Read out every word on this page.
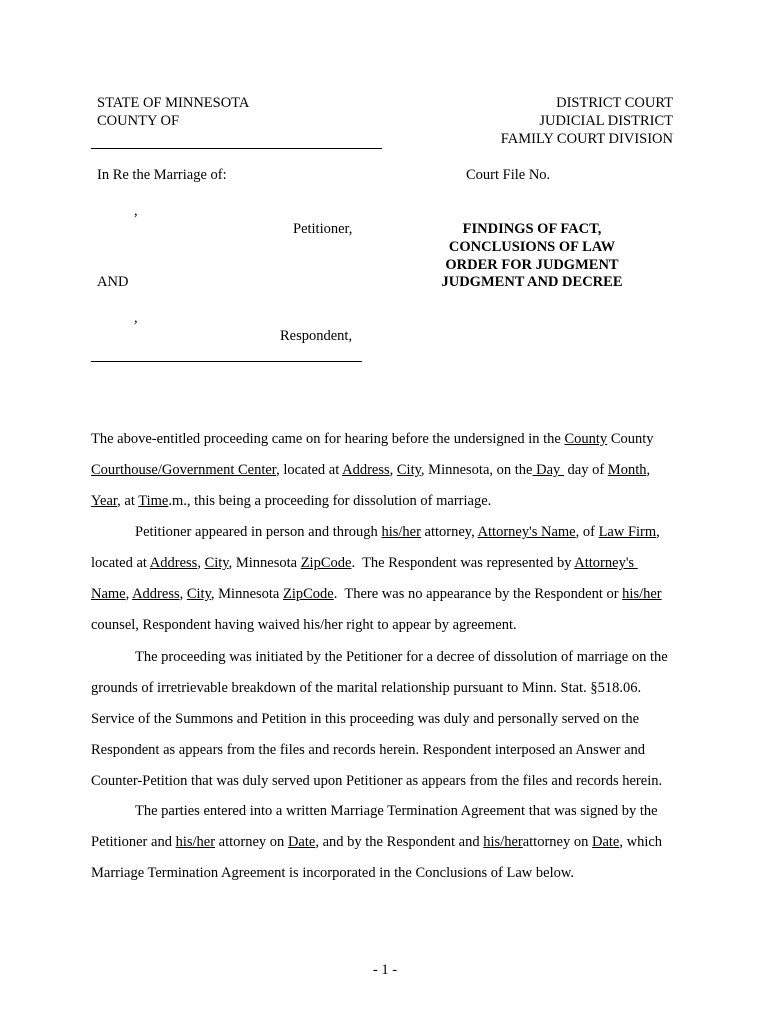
STATE OF MINNESOTA
COUNTY OF
DISTRICT COURT
JUDICIAL DISTRICT
FAMILY COURT DIVISION
In Re the Marriage of:	Court File No.
,
Petitioner,
AND
,
Respondent,
FINDINGS OF FACT,
CONCLUSIONS OF LAW
ORDER FOR JUDGMENT
JUDGMENT AND DECREE
The above-entitled proceeding came on for hearing before the undersigned in the County County
Courthouse/Government Center, located at Address, City, Minnesota, on the Day  day of Month,
Year, at Time.m., this being a proceeding for dissolution of marriage.
Petitioner appeared in person and through his/her attorney, Attorney's Name, of Law Firm,
located at Address, City, Minnesota ZipCode.  The Respondent was represented by Attorney's
Name, Address, City, Minnesota ZipCode.  There was no appearance by the Respondent or his/her
counsel, Respondent having waived his/her right to appear by agreement.
The proceeding was initiated by the Petitioner for a decree of dissolution of marriage on the
grounds of irretrievable breakdown of the marital relationship pursuant to Minn. Stat. §518.06.
Service of the Summons and Petition in this proceeding was duly and personally served on the
Respondent as appears from the files and records herein. Respondent interposed an Answer and
Counter-Petition that was duly served upon Petitioner as appears from the files and records herein.
The parties entered into a written Marriage Termination Agreement that was signed by the
Petitioner and his/her attorney on Date, and by the Respondent and his/herattorney on Date, which
Marriage Termination Agreement is incorporated in the Conclusions of Law below.
- 1 -
